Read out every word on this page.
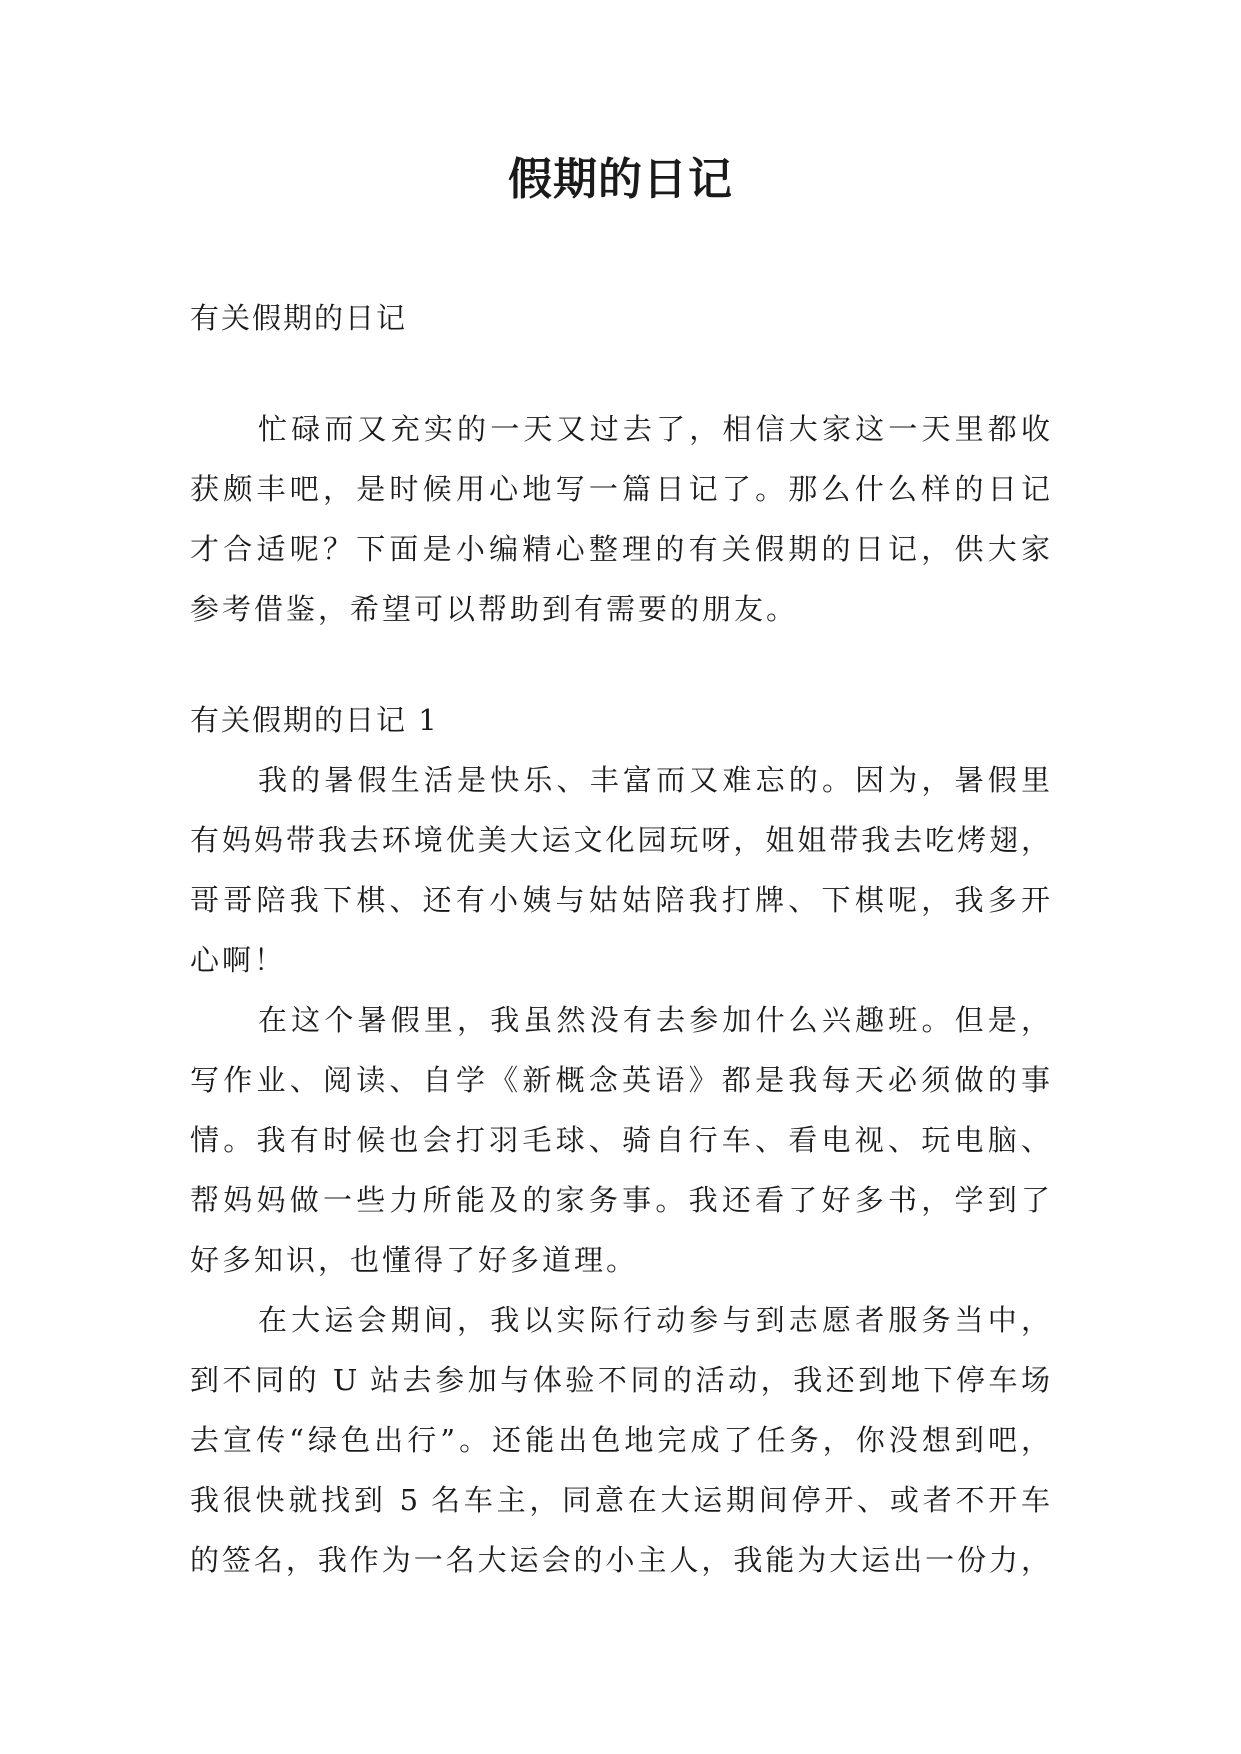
假期的日记

有关假期的日记

忙碌而又充实的一天又过去了，相信大家这一天里都收

获颇丰吧，是时候用心地写一篇日记了。那么什么样的日记

才合适呢？下面是小编精心整理的有关假期的日记，供大家

参考借鉴，希望可以帮助到有需要的朋友。

有关假期的日记 1

我的暑假生活是快乐、丰富而又难忘的。因为，暑假里

有妈妈带我去环境优美大运文化园玩呀，姐姐带我去吃烤翅，

哥哥陪我下棋、还有小姨与姑姑陪我打牌、下棋呢，我多开

心啊！

在这个暑假里，我虽然没有去参加什么兴趣班。但是，

写作业、阅读、自学《新概念英语》都是我每天必须做的事

情。我有时候也会打羽毛球、骑自行车、看电视、玩电脑、

帮妈妈做一些力所能及的家务事。我还看了好多书，学到了

好多知识，也懂得了好多道理。

在大运会期间，我以实际行动参与到志愿者服务当中，

到不同的 U 站去参加与体验不同的活动，我还到地下停车场

去宣传“绿色出行”。还能出色地完成了任务，你没想到吧，

我很快就找到 5 名车主，同意在大运期间停开、或者不开车

的签名，我作为一名大运会的小主人，我能为大运出一份力，
